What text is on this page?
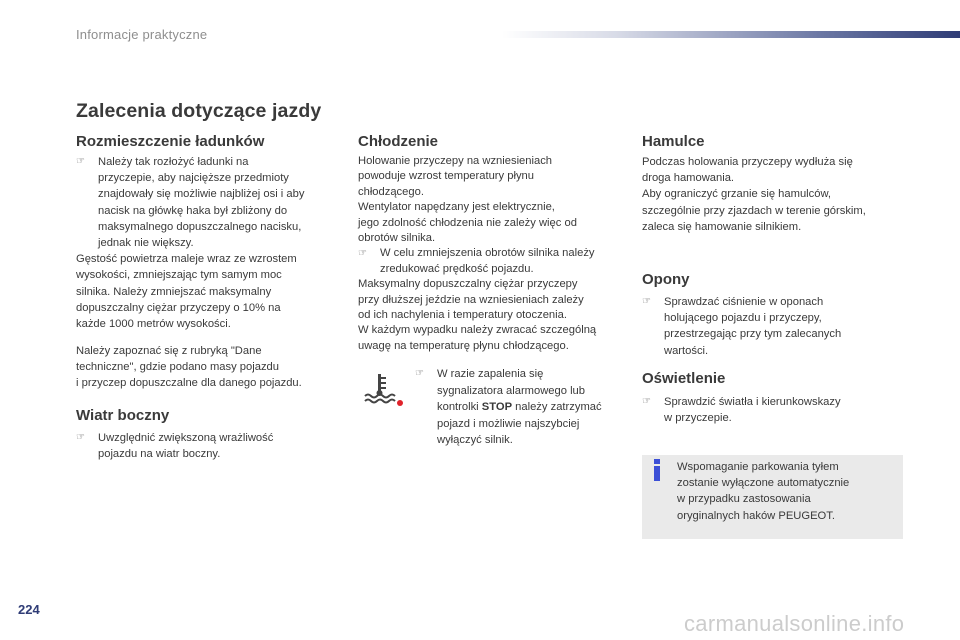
Informacje praktyczne
Zalecenia dotyczące jazdy
Rozmieszczenie ładunków
☞ Należy tak rozłożyć ładunki na

przyczepie, aby najcięższe przedmioty

znajdowały się możliwie najbliżej osi i aby

nacisk na główkę haka był zbliżony do

maksymalnego dopuszczalnego nacisku,

jednak nie większy.

Gęstość powietrza maleje wraz ze wzrostem

wysokości, zmniejszając tym samym moc

silnika. Należy zmniejszać maksymalny

dopuszczalny ciężar przyczepy o 10% na

każde 1000 metrów wysokości.

Należy zapoznać się z rubryką "Dane

techniczne", gdzie podano masy pojazdu

i przyczep dopuszczalne dla danego pojazdu.

Wiatr boczny
☞ Uwzględnić zwiększoną wrażliwość

pojazdu na wiatr boczny.

Chłodzenie

Holowanie przyczepy na wzniesieniach

powoduje wzrost temperatury płynu

chłodzącego.

Wentylator napędzany jest elektrycznie,

jego zdolność chłodzenia nie zależy więc od

obrotów silnika.

☞ W celu zmniejszenia obrotów silnika należy

zredukować prędkość pojazdu.

Maksymalny dopuszczalny ciężar przyczepy

przy dłuższej jeździe na wzniesieniach zależy

od ich nachylenia i temperatury otoczenia.

W każdym wypadku należy zwracać szczególną

uwagę na temperaturę płynu chłodzącego.

☞ W razie zapalenia się

sygnalizatora alarmowego lub

kontrolki STOP należy zatrzymać

pojazd i możliwie najszybciej

wyłączyć silnik.

Hamulce

Podczas holowania przyczepy wydłuża się

droga hamowania.

Aby ograniczyć grzanie się hamulców,

szczególnie przy zjazdach w terenie górskim,

zaleca się hamowanie silnikiem.

Opony
☞ Sprawdzać ciśnienie w oponach

holującego pojazdu i przyczepy,

przestrzegając przy tym zalecanych

wartości.

Oświetlenie
☞ Sprawdzić światła i kierunkowskazy

w przyczepie.

Wspomaganie parkowania tyłem
zostanie wyłączone automatycznie
w przypadku zastosowania
oryginalnych haków PEUGEOT.
224
carmanualsonline.info
